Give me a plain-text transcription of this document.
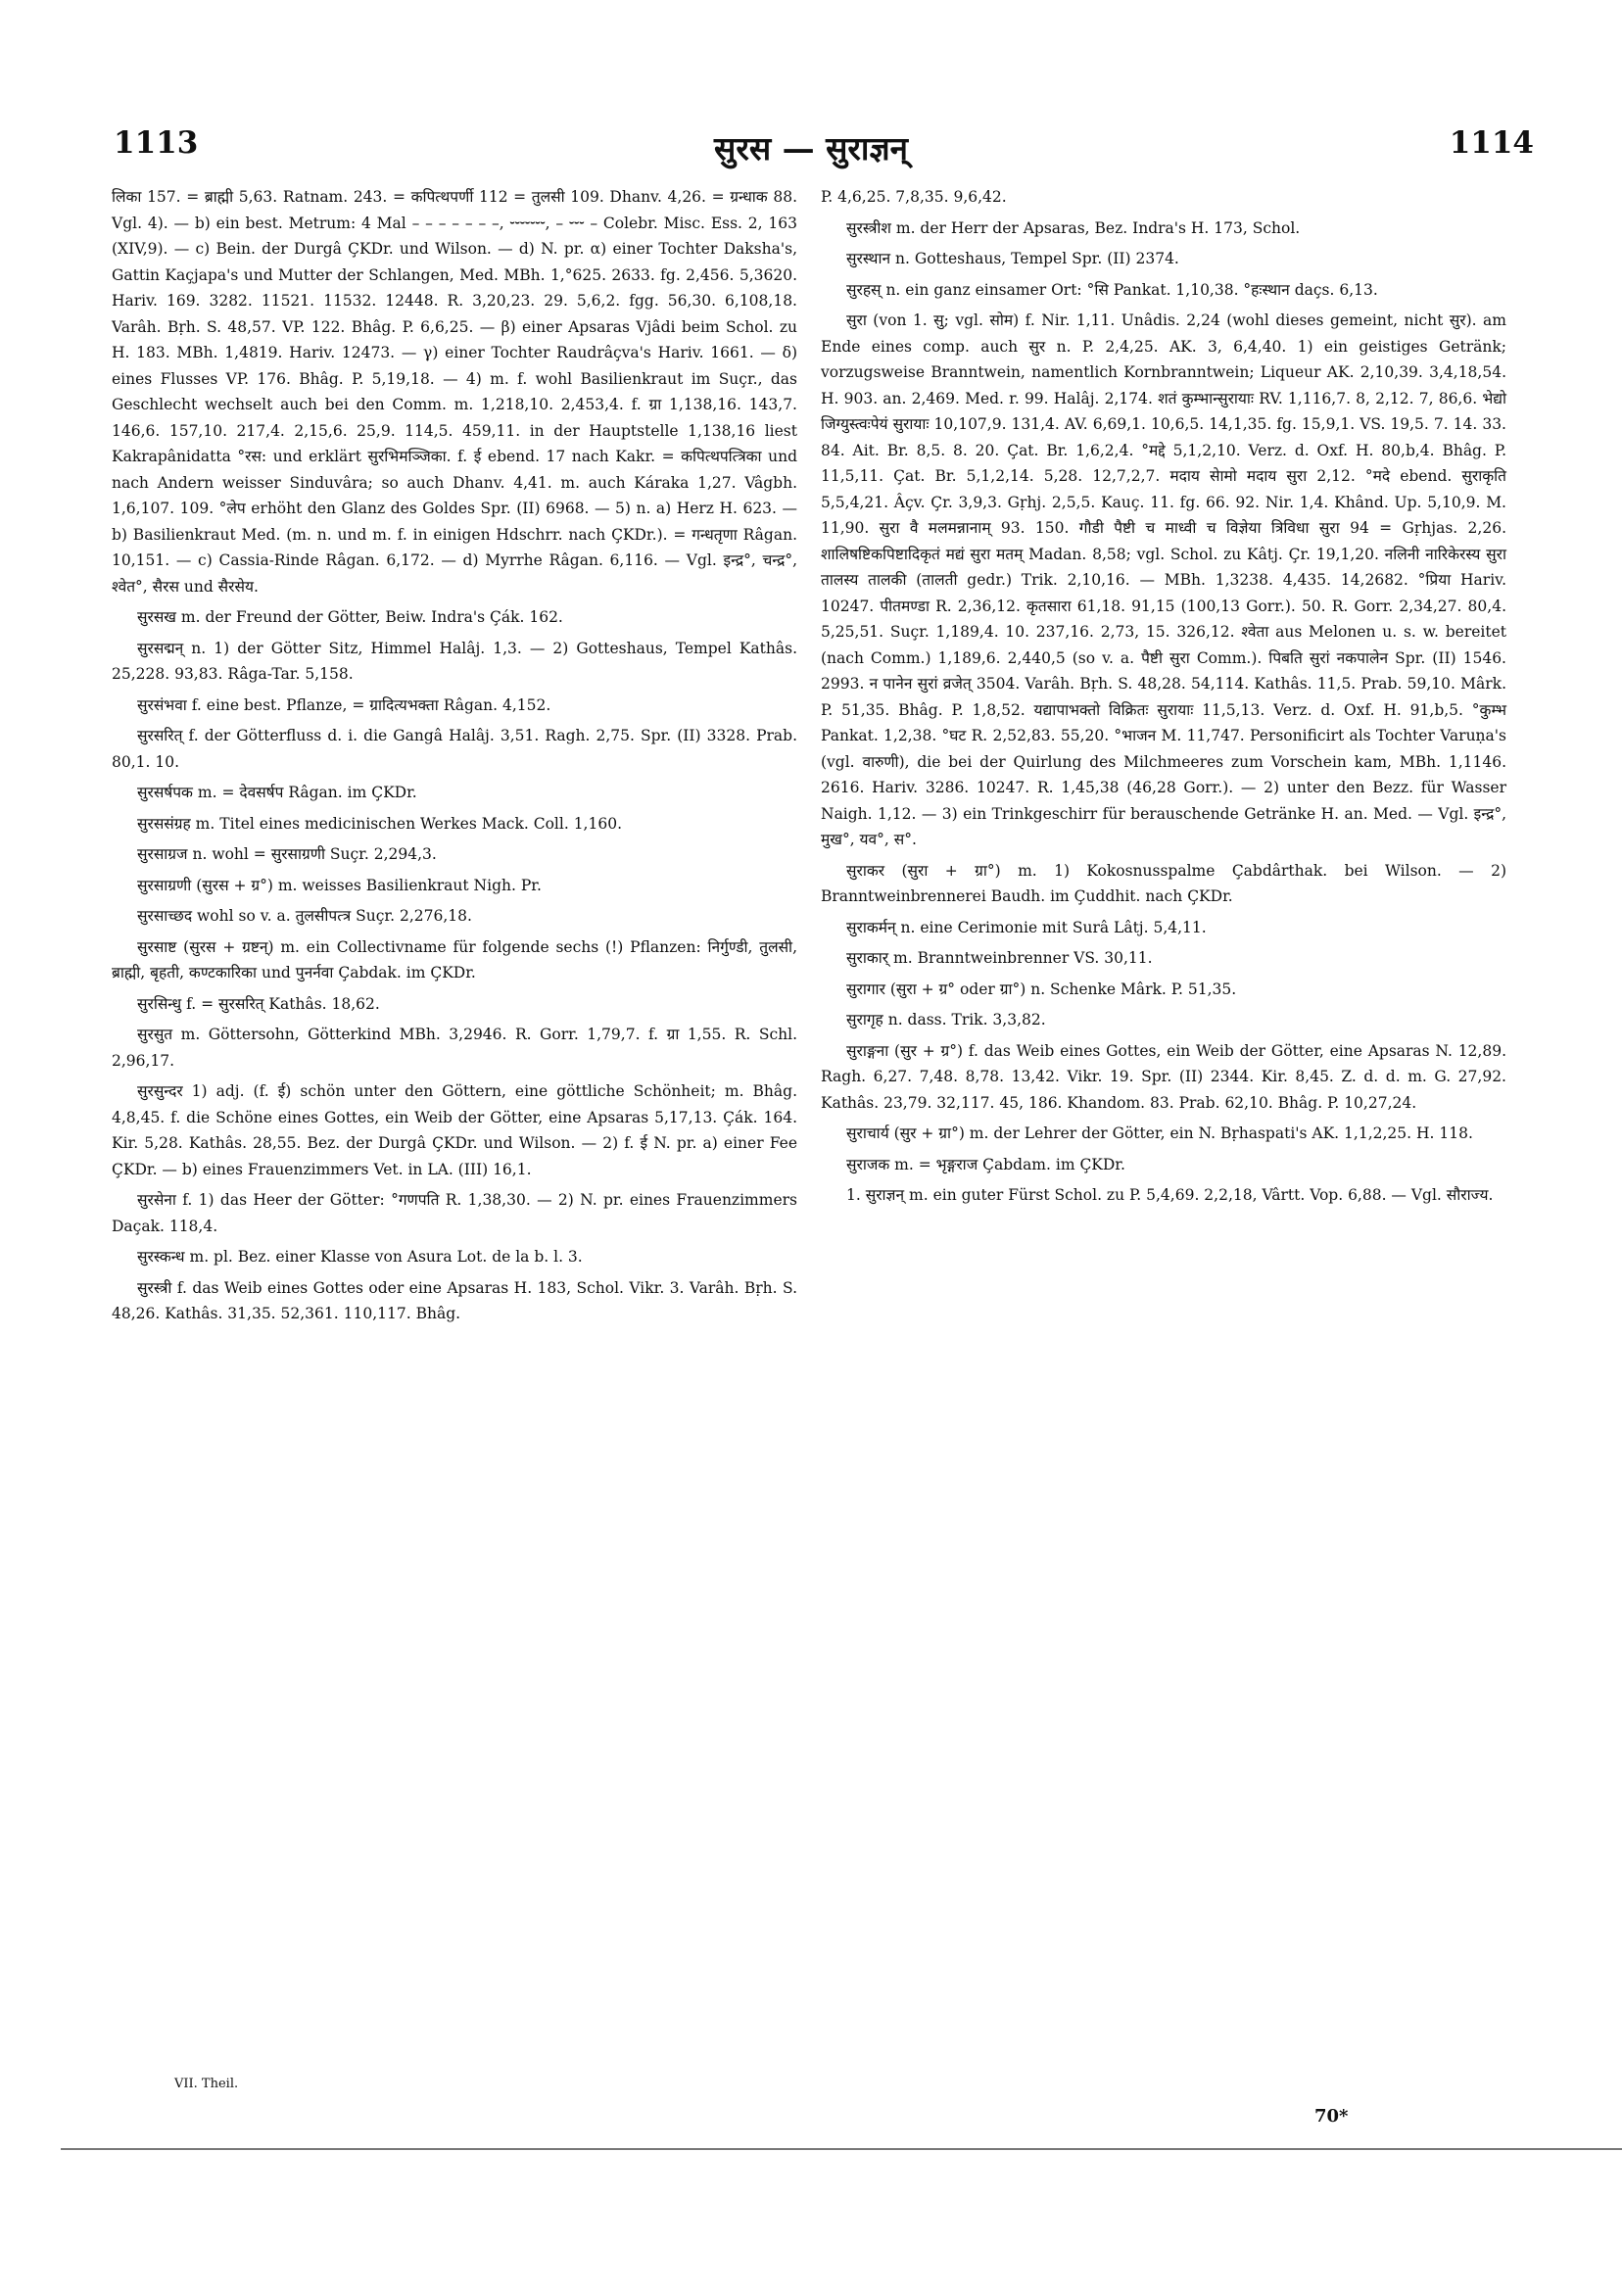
1113	सुरस — सुराज्ञन्	1114

लिका 157. = ब्राह्मी 5,63. Ratnam. 243. = कपित्थपर्णी 112 = तुलसी 109. Dhanv. 4,26. = ग्रन्धाक 88. Vgl. 4). — b) ein best. Metrum: 4 Mal – – – – – – –, ⏑⏑⏑⏑⏑⏑⏑, – ⏑⏑⏑ – Colebr. Misc. Ess. 2, 163 (XIV,9). — c) Bein. der Durgâ ÇKDr. und Wilson. — d) N. pr. α) einer Tochter Daksha's, Gattin Kaçjapa's und Mutter der Schlangen, Med. MBh. 1,°625. 2633. fg. 2,456. 5,3620. Hariv. 169. 3282. 11521. 11532. 12448. R. 3,20,23. 29. 5,6,2. fgg. 56,30. 6,108,18. Varâh. Bṛh. S. 48,57. VP. 122. Bhâg. P. 6,6,25. — β) einer Apsaras Vjâdi beim Schol. zu H. 183. MBh. 1,4819. Hariv. 12473. — γ) einer Tochter Raudrâçva's Hariv. 1661. — δ) eines Flusses VP. 176. Bhâg. P. 5,19,18. — 4) m. f. wohl Basilienkraut im Suçr., das Geschlecht wechselt auch bei den Comm. m. 1,218,10. 2,453,4. f. ग्रा 1,138,16. 143,7. 146,6. 157,10. 217,4. 2,15,6. 25,9. 114,5. 459,11. in der Hauptstelle 1,138,16 liest Kakrapânidatta °रस: und erklärt सुरभिमञ्जिका. f. ई ebend. 17 nach Kakr. = कपित्थपत्त्रिका und nach Andern weisser Sinduvâra; so auch Dhanv. 4,41. m. auch Káraka 1,27. Vâgbh. 1,6,107. 109. °लेप erhöht den Glanz des Goldes Spr. (II) 6968. — 5) n. a) Herz H. 623. — b) Basilienkraut Med. (m. n. und m. f. in einigen Hdschrr. nach ÇKDr.). = गन्धतृणा Râgan. 10,151. — c) Cassia-Rinde Râgan. 6,172. — d) Myrrhe Râgan. 6,116. — Vgl. इन्द्र°, चन्द्र°, श्वेत°, सैरस und सैरसेय.

सुरसख m. der Freund der Götter, Beiw. Indra's Çák. 162.

सुरसद्मन् n. 1) der Götter Sitz, Himmel Halâj. 1,3. — 2) Gotteshaus, Tempel Kathâs. 25,228. 93,83. Râga-Tar. 5,158.

सुरसंभवा f. eine best. Pflanze, = ग्रादित्यभक्ता Râgan. 4,152.

सुरसरित् f. der Götterfluss d. i. die Gangâ Halâj. 3,51. Ragh. 2,75. Spr. (II) 3328. Prab. 80,1. 10.

सुरसर्षपक m. = देवसर्षप Râgan. im ÇKDr.

सुरससंग्रह m. Titel eines medicinischen Werkes Mack. Coll. 1,160.

सुरसाग्रज n. wohl = सुरसाग्रणी Suçr. 2,294,3.

सुरसाग्रणी (सुरस + ग्र°) m. weisses Basilienkraut Nigh. Pr.

सुरसाच्छद wohl so v. a. तुलसीपत्त्र Suçr. 2,276,18.

सुरसाष्ट (सुरस + ग्रष्टन्) m. ein Collectivname für folgende sechs (!) Pflanzen: निर्गुण्डी, तुलसी, ब्राह्मी, बृहती, कण्टकारिका und पुनर्नवा Çabdak. im ÇKDr.

सुरसिन्धु f. = सुरसरित् Kathâs. 18,62.

सुरसुत m. Göttersohn, Götterkind MBh. 3,2946. R. Gorr. 1,79,7. f. ग्रा 1,55. R. Schl. 2,96,17.

सुरसुन्दर 1) adj. (f. ई) schön unter den Göttern, eine göttliche Schönheit; m. Bhâg. 4,8,45. f. die Schöne eines Gottes, ein Weib der Götter, eine Apsaras 5,17,13. Çák. 164. Kir. 5,28. Kathâs. 28,55. Bez. der Durgâ ÇKDr. und Wilson. — 2) f. ई N. pr. a) einer Fee ÇKDr. — b) eines Frauenzimmers Vet. in LA. (III) 16,1.

सुरसेना f. 1) das Heer der Götter: °गणपति R. 1,38,30. — 2) N. pr. eines Frauenzimmers Daçak. 118,4.

सुरस्कन्ध m. pl. Bez. einer Klasse von Asura Lot. de la b. l. 3.

सुरस्त्री f. das Weib eines Gottes oder eine Apsaras H. 183, Schol. Vikr. 3. Varâh. Bṛh. S. 48,26. Kathâs. 31,35. 52,361. 110,117. Bhâg.

P. 4,6,25. 7,8,35. 9,6,42.

सुरस्त्रीश m. der Herr der Apsaras, Bez. Indra's H. 173, Schol.

सुरस्थान n. Gotteshaus, Tempel Spr. (II) 2374.

सुरहस् n. ein ganz einsamer Ort: °सि Pankat. 1,10,38. °हःस्थान daçs. 6,13.

सुरा (von 1. सु; vgl. सोम) f. Nir. 1,11. Unâdis. 2,24 (wohl dieses gemeint, nicht सुर). am Ende eines comp. auch सुर n. P. 2,4,25. AK. 3, 6,4,40. 1) ein geistiges Getränk; vorzugsweise Branntwein, namentlich Kornbranntwein; Liqueur AK. 2,10,39. 3,4,18,54. H. 903. an. 2,469. Med. r. 99. Halâj. 2,174. शतं कुम्भान्सुरायाः RV. 1,116,7. 8, 2,12. 7, 86,6. भेद्यो जिग्युस्त्वःपेयं सुरायाः 10,107,9. 131,4. AV. 6,69,1. 10,6,5. 14,1,35. fg. 15,9,1. VS. 19,5. 7. 14. 33. 84. Ait. Br. 8,5. 8. 20. Çat. Br. 1,6,2,4. °मद्दे 5,1,2,10. Verz. d. Oxf. H. 80,b,4. Bhâg. P. 11,5,11. Çat. Br. 5,1,2,14. 5,28. 12,7,2,7. मदाय सेामो मदाय सुरा 2,12. °मदे ebend. सुराकृति 5,5,4,21. Âçv. Çr. 3,9,3. Gṛhj. 2,5,5. Kauç. 11. fg. 66. 92. Nir. 1,4. Khând. Up. 5,10,9. M. 11,90. सुरा वै मलमन्नानाम् 93. 150. गौडी पैष्टी च माध्वी च विज्ञेया त्रिविधा सुरा 94 = Gṛhjas. 2,26. शालिषष्टिकपिष्टादिकृतं मद्यं सुरा मतम् Madan. 8,58; vgl. Schol. zu Kâtj. Çr. 19,1,20. नलिनी नारिकेरस्य सुरा तालस्य तालकी (तालती gedr.) Trik. 2,10,16. — MBh. 1,3238. 4,435. 14,2682. °प्रिया Hariv. 10247. पीतमण्डा R. 2,36,12. कृतसारा 61,18. 91,15 (100,13 Gorr.). 50. R. Gorr. 2,34,27. 80,4. 5,25,51. Suçr. 1,189,4. 10. 237,16. 2,73, 15. 326,12. श्वेता aus Melonen u. s. w. bereitet (nach Comm.) 1,189,6. 2,440,5 (so v. a. पैष्टी सुरा Comm.). पिबति सुरां नकपालेन Spr. (II) 1546. 2993. न पानेन सुरां व्रजेत् 3504. Varâh. Bṛh. S. 48,28. 54,114. Kathâs. 11,5. Prab. 59,10. Mârk. P. 51,35. Bhâg. P. 1,8,52. यद्यापाभक्तो विक्रितः सुरायाः 11,5,13. Verz. d. Oxf. H. 91,b,5. °कुम्भ Pankat. 1,2,38. °घट R. 2,52,83. 55,20. °भाजन M. 11,747. Personificirt als Tochter Varuṇa's (vgl. वारुणी), die bei der Quirlung des Milchmeeres zum Vorschein kam, MBh. 1,1146. 2616. Hariv. 3286. 10247. R. 1,45,38 (46,28 Gorr.). — 2) unter den Bezz. für Wasser Naigh. 1,12. — 3) ein Trinkgeschirr für berauschende Getränke H. an. Med. — Vgl. इन्द्र°, मुख°, यव°, स°.

सुराकर (सुरा + ग्रा°) m. 1) Kokosnusspalme Çabdârthak. bei Wilson. — 2) Branntweinbrennerei Baudh. im Çuddhit. nach ÇKDr.

सुराकर्मन् n. eine Cerimonie mit Surâ Lâtj. 5,4,11.

सुराकार् m. Branntweinbrenner VS. 30,11.

सुरागार (सुरा + ग्र° oder ग्रा°) n. Schenke Mârk. P. 51,35.

सुरागृह n. dass. Trik. 3,3,82.

सुराङ्गना (सुर + ग्र°) f. das Weib eines Gottes, ein Weib der Götter, eine Apsaras N. 12,89. Ragh. 6,27. 7,48. 8,78. 13,42. Vikr. 19. Spr. (II) 2344. Kir. 8,45. Z. d. d. m. G. 27,92. Kathâs. 23,79. 32,117. 45, 186. Khandom. 83. Prab. 62,10. Bhâg. P. 10,27,24.

सुराचार्य (सुर + ग्रा°) m. der Lehrer der Götter, ein N. Bṛhaspati's AK. 1,1,2,25. H. 118.

सुराजक m. = भृङ्गराज Çabdam. im ÇKDr.

1. सुराज्ञन् m. ein guter Fürst Schol. zu P. 5,4,69. 2,2,18, Vârtt. Vop. 6,88. — Vgl. सौराज्य.

VII. Theil.
70*
